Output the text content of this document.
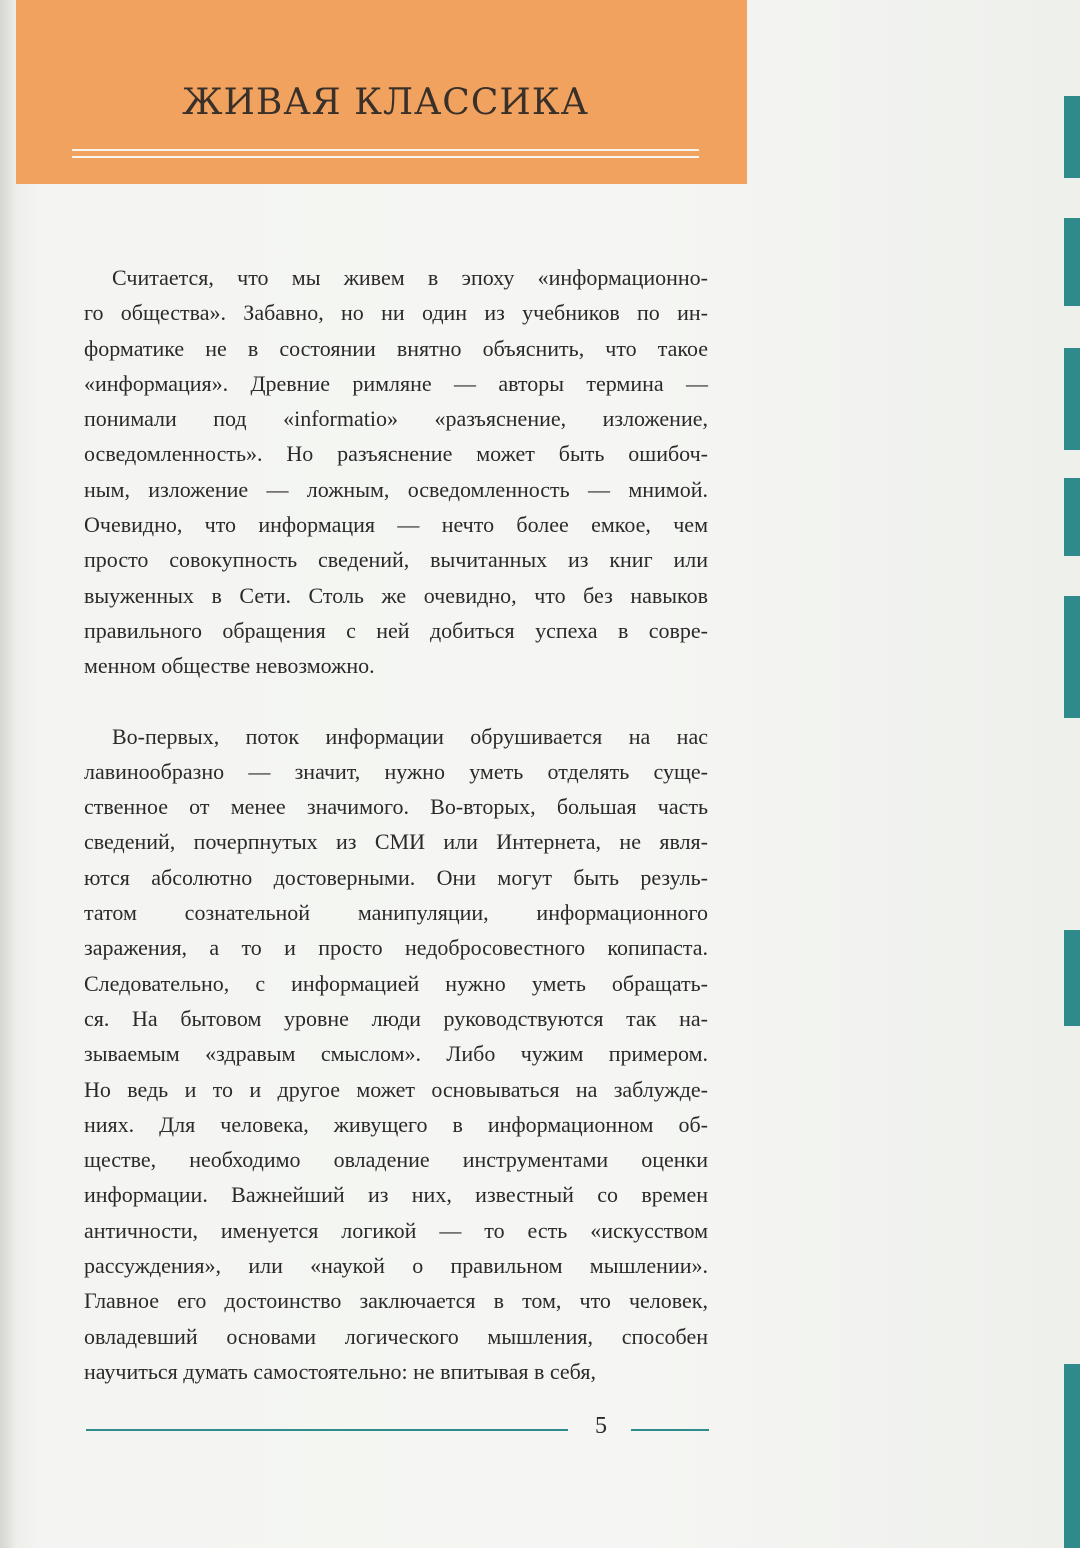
ЖИВАЯ КЛАССИКА
Считается, что мы живем в эпоху «информационно-
го общества». Забавно, но ни один из учебников по ин-
форматике не в состоянии внятно объяснить, что такое
«информация». Древние римляне — авторы термина —
понимали под «informatio» «разъяснение, изложение,
осведомленность». Но разъяснение может быть ошибоч-
ным, изложение — ложным, осведомленность — мнимой.
Очевидно, что информация — нечто более емкое, чем
просто совокупность сведений, вычитанных из книг или
выуженных в Сети. Столь же очевидно, что без навыков
правильного обращения с ней добиться успеха в совре-
менном обществе невозможно.
Во-первых, поток информации обрушивается на нас
лавинообразно — значит, нужно уметь отделять суще-
ственное от менее значимого. Во-вторых, большая часть
сведений, почерпнутых из СМИ или Интернета, не явля-
ются абсолютно достоверными. Они могут быть резуль-
татом сознательной манипуляции, информационного
заражения, а то и просто недобросовестного копипаста.
Следовательно, с информацией нужно уметь обращать-
ся. На бытовом уровне люди руководствуются так на-
зываемым «здравым смыслом». Либо чужим примером.
Но ведь и то и другое может основываться на заблужде-
ниях. Для человека, живущего в информационном об-
ществе, необходимо овладение инструментами оценки
информации. Важнейший из них, известный со времен
античности, именуется логикой — то есть «искусством
рассуждения», или «наукой о правильном мышлении».
Главное его достоинство заключается в том, что человек,
овладевший основами логического мышления, способен
научиться думать самостоятельно: не впитывая в себя,
5
